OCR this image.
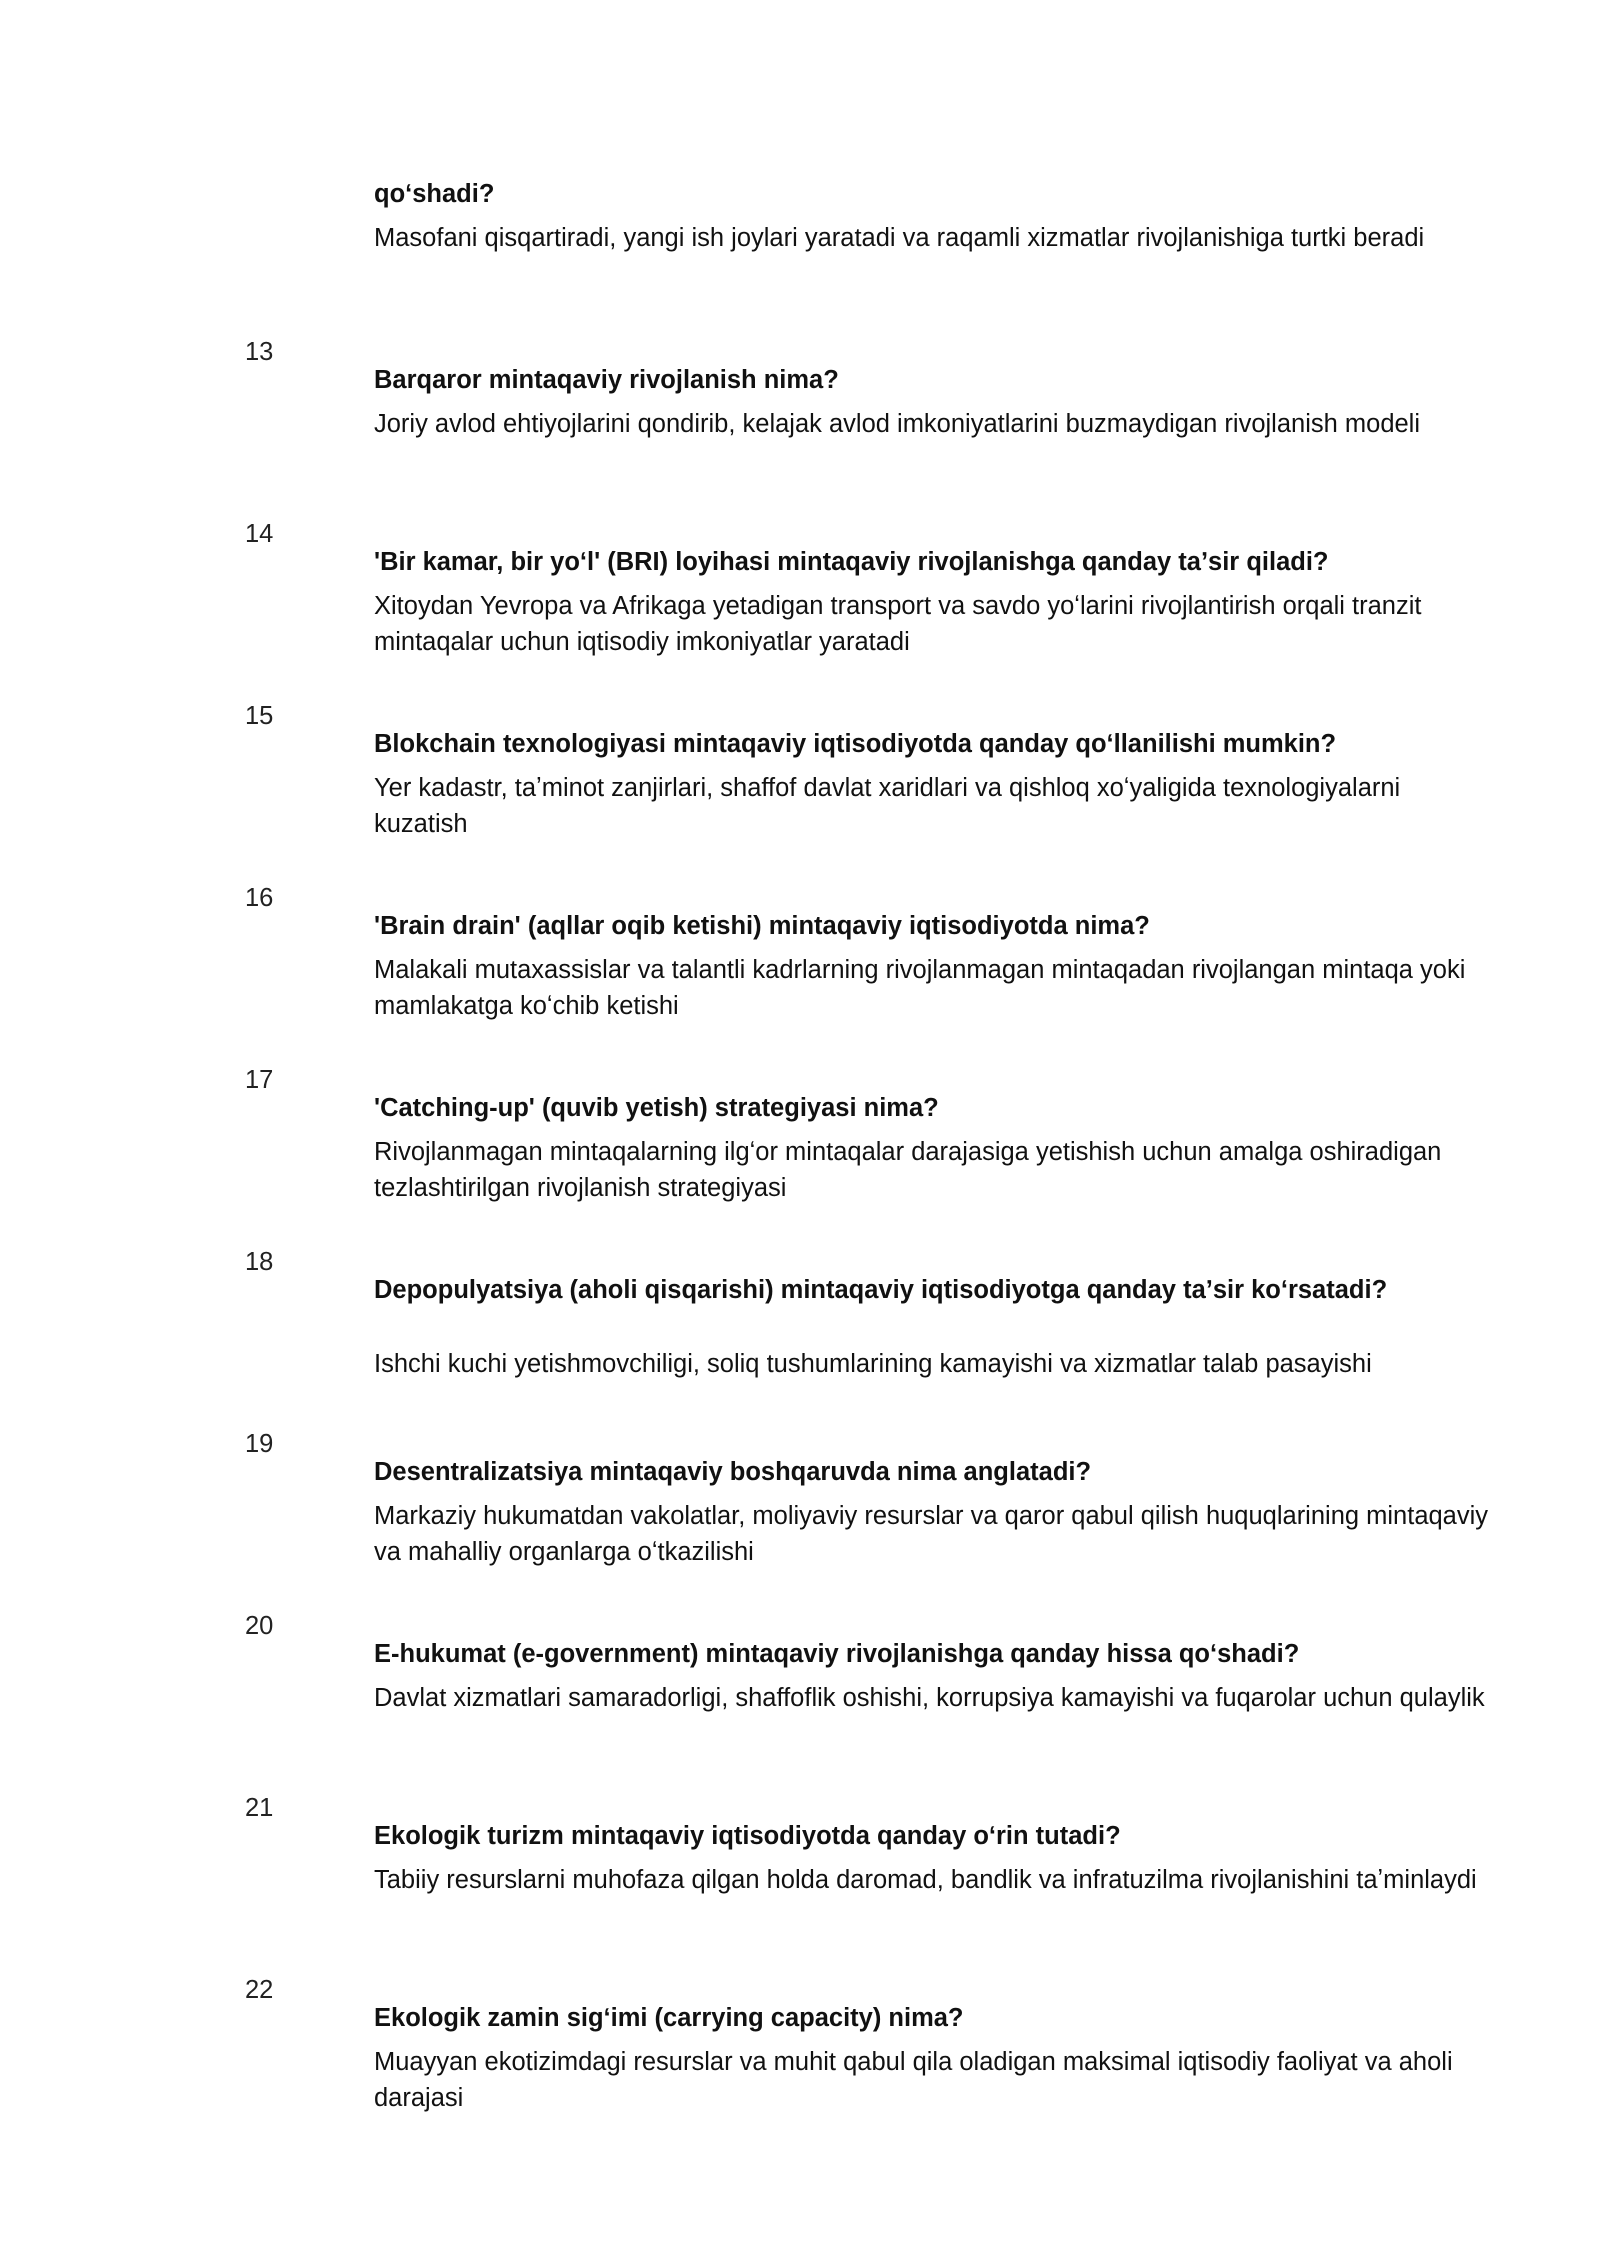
qoʻshadi?
Masofani qisqartiradi, yangi ish joylari yaratadi va raqamli xizmatlar rivojlanishiga turtki beradi
13
Barqaror mintaqaviy rivojlanish nima?
Joriy avlod ehtiyojlarini qondirib, kelajak avlod imkoniyatlarini buzmaydigan rivojlanish modeli
14
'Bir kamar, bir yoʻl' (BRI) loyihasi mintaqaviy rivojlanishga qanday taʼsir qiladi?
Xitoydan Yevropa va Afrikaga yetadigan transport va savdo yoʻlarini rivojlantirish orqali tranzit mintaqalar uchun iqtisodiy imkoniyatlar yaratadi
15
Blokchain texnologiyasi mintaqaviy iqtisodiyotda qanday qoʻllanilishi mumkin?
Yer kadastr, taʼminot zanjirlari, shaffof davlat xaridlari va qishloq xoʻyaligida texnologiyalarni kuzatish
16
'Brain drain' (aqllar oqib ketishi) mintaqaviy iqtisodiyotda nima?
Malakali mutaxassislar va talantli kadrlarning rivojlanmagan mintaqadan rivojlangan mintaqa yoki mamlakatga koʻchib ketishi
17
'Catching-up' (quvib yetish) strategiyasi nima?
Rivojlanmagan mintaqalarning ilgʻor mintaqalar darajasiga yetishish uchun amalga oshiradigan tezlashtirilgan rivojlanish strategiyasi
18
Depopulyatsiya (aholi qisqarishi) mintaqaviy iqtisodiyotga qanday taʼsir koʻrsatadi?
Ishchi kuchi yetishmovchiligi, soliq tushumlarining kamayishi va xizmatlar talab pasayishi
19
Desentralizatsiya mintaqaviy boshqaruvda nima anglatadi?
Markaziy hukumatdan vakolatlar, moliyaviy resurslar va qaror qabul qilish huquqlarining mintaqaviy va mahalliy organlarga oʻtkazilishi
20
E-hukumat (e-government) mintaqaviy rivojlanishga qanday hissa qoʻshadi?
Davlat xizmatlari samaradorligi, shaffoflik oshishi, korrupsiya kamayishi va fuqarolar uchun qulaylik
21
Ekologik turizm mintaqaviy iqtisodiyotda qanday oʻrin tutadi?
Tabiiy resurslarni muhofaza qilgan holda daromad, bandlik va infratuzilma rivojlanishini taʼminlaydi
22
Ekologik zamin sigʻimi (carrying capacity) nima?
Muayyan ekotizimdagi resurslar va muhit qabul qila oladigan maksimal iqtisodiy faoliyat va aholi darajasi
